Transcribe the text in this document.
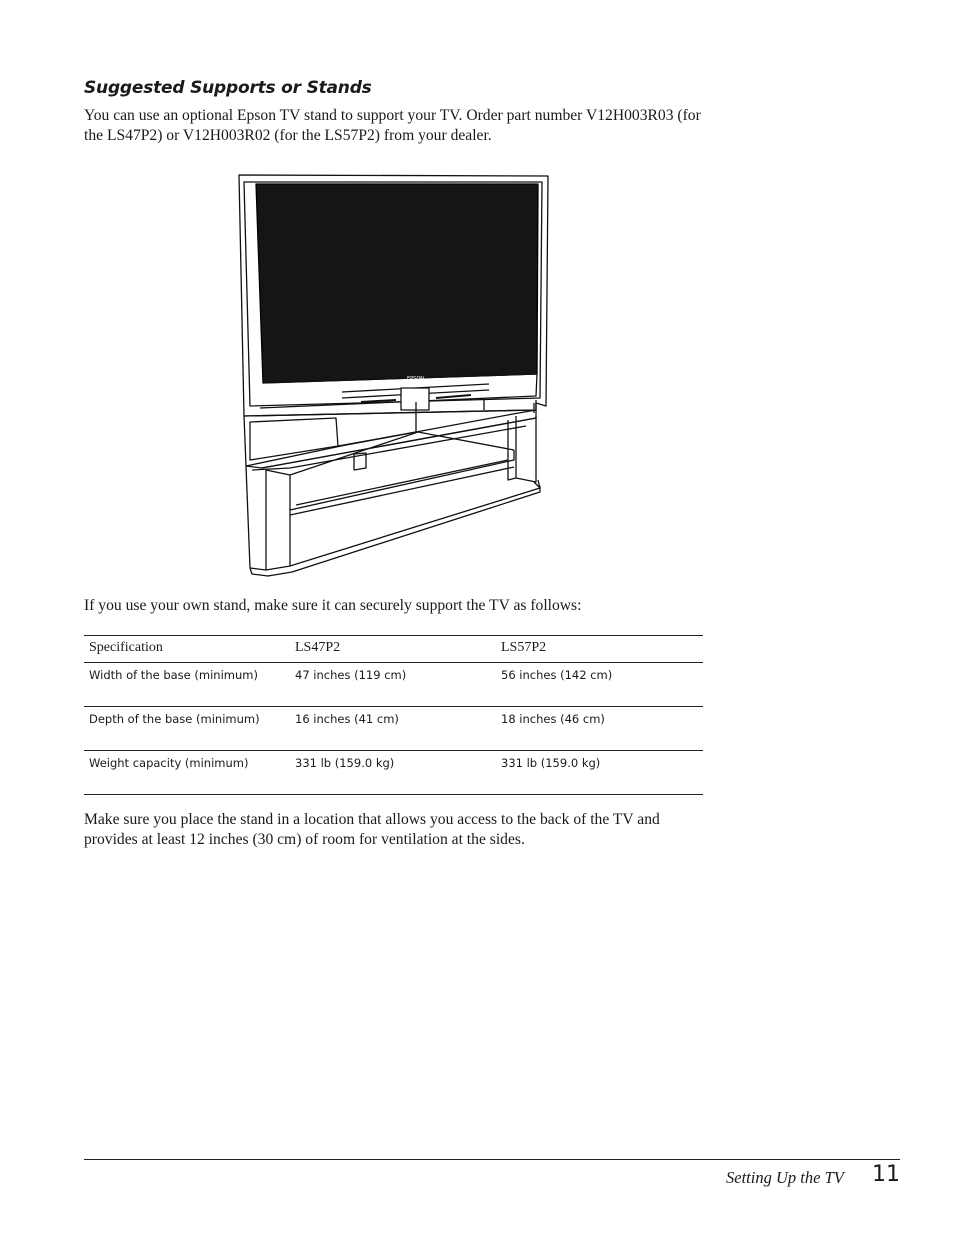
Suggested Supports or Stands

You can use an optional Epson TV stand to support your TV. Order part number V12H003R03 (for the LS47P2) or V12H003R02 (for the LS57P2) from your dealer.

EPSON

If you use your own stand, make sure it can securely support the TV as follows:

Specification	LS47P2	LS57P2
Width of the base (minimum)	47 inches (119 cm)	56 inches (142 cm)
Depth of the base (minimum)	16 inches (41 cm)	18 inches (46 cm)
Weight capacity (minimum)	331 lb (159.0 kg)	331 lb (159.0 kg)

Make sure you place the stand in a location that allows you access to the back of the TV and provides at least 12 inches (30 cm) of room for ventilation at the sides.

Setting Up the TV 11
